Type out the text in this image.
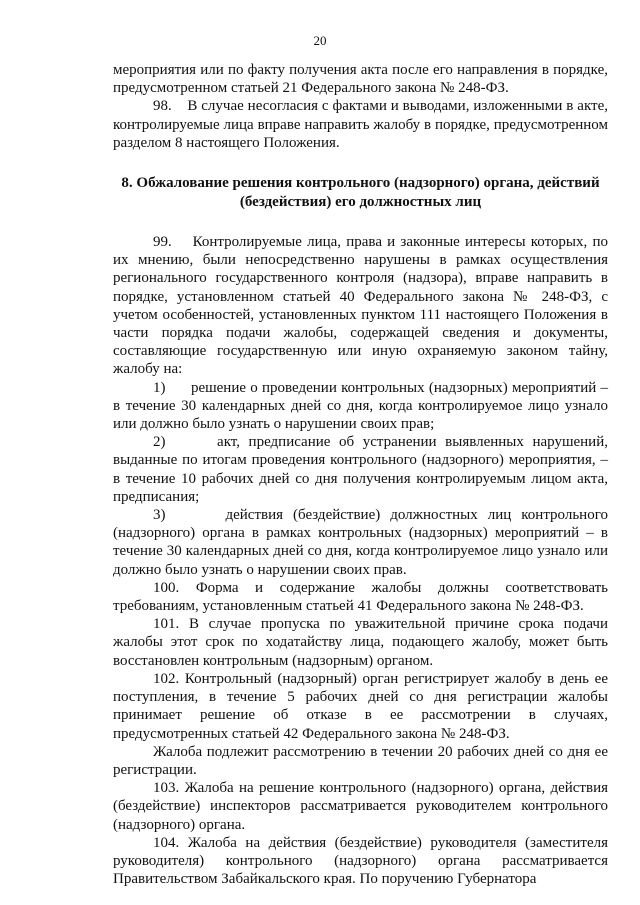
20

мероприятия или по факту получения акта после его направления в порядке, предусмотренном статьей 21 Федерального закона № 248-ФЗ.

98.    В случае несогласия с фактами и выводами, изложенными в акте, контролируемые лица вправе направить жалобу в порядке, предусмотренном разделом 8 настоящего Положения.

8. Обжалование решения контрольного (надзорного) органа, действий (бездействия) его должностных лиц

99.    Контролируемые лица, права и законные интересы которых, по их мнению, были непосредственно нарушены в рамках осуществления регионального государственного контроля (надзора), вправе направить в порядке, установленном статьей 40 Федерального закона № 248-ФЗ, с учетом особенностей, установленных пунктом 111 настоящего Положения в части порядка подачи жалобы, содержащей сведения и документы, составляющие государственную или иную охраняемую законом тайну, жалобу на:

1)      решение о проведении контрольных (надзорных) мероприятий – в течение 30 календарных дней со дня, когда контролируемое лицо узнало или должно было узнать о нарушении своих прав;

2)      акт, предписание об устранении выявленных нарушений, выданные по итогам проведения контрольного (надзорного) мероприятия, – в течение 10 рабочих дней со дня получения контролируемым лицом акта, предписания;

3)      действия (бездействие) должностных лиц контрольного (надзорного) органа в рамках контрольных (надзорных) мероприятий – в течение 30 календарных дней со дня, когда контролируемое лицо узнало или должно было узнать о нарушении своих прав.

100. Форма и содержание жалобы должны соответствовать требованиям, установленным статьей 41 Федерального закона № 248-ФЗ.

101. В случае пропуска по уважительной причине срока подачи жалобы этот срок по ходатайству лица, подающего жалобу, может быть восстановлен контрольным (надзорным) органом.

102. Контрольный (надзорный) орган регистрирует жалобу в день ее поступления, в течение 5 рабочих дней со дня регистрации жалобы принимает решение об отказе в ее рассмотрении в случаях, предусмотренных статьей 42 Федерального закона № 248-ФЗ.

Жалоба подлежит рассмотрению в течении 20 рабочих дней со дня ее регистрации.

103. Жалоба на решение контрольного (надзорного) органа, действия (бездействие) инспекторов рассматривается руководителем контрольного (надзорного) органа.

104. Жалоба на действия (бездействие) руководителя (заместителя руководителя) контрольного (надзорного) органа рассматривается Правительством Забайкальского края. По поручению Губернатора
